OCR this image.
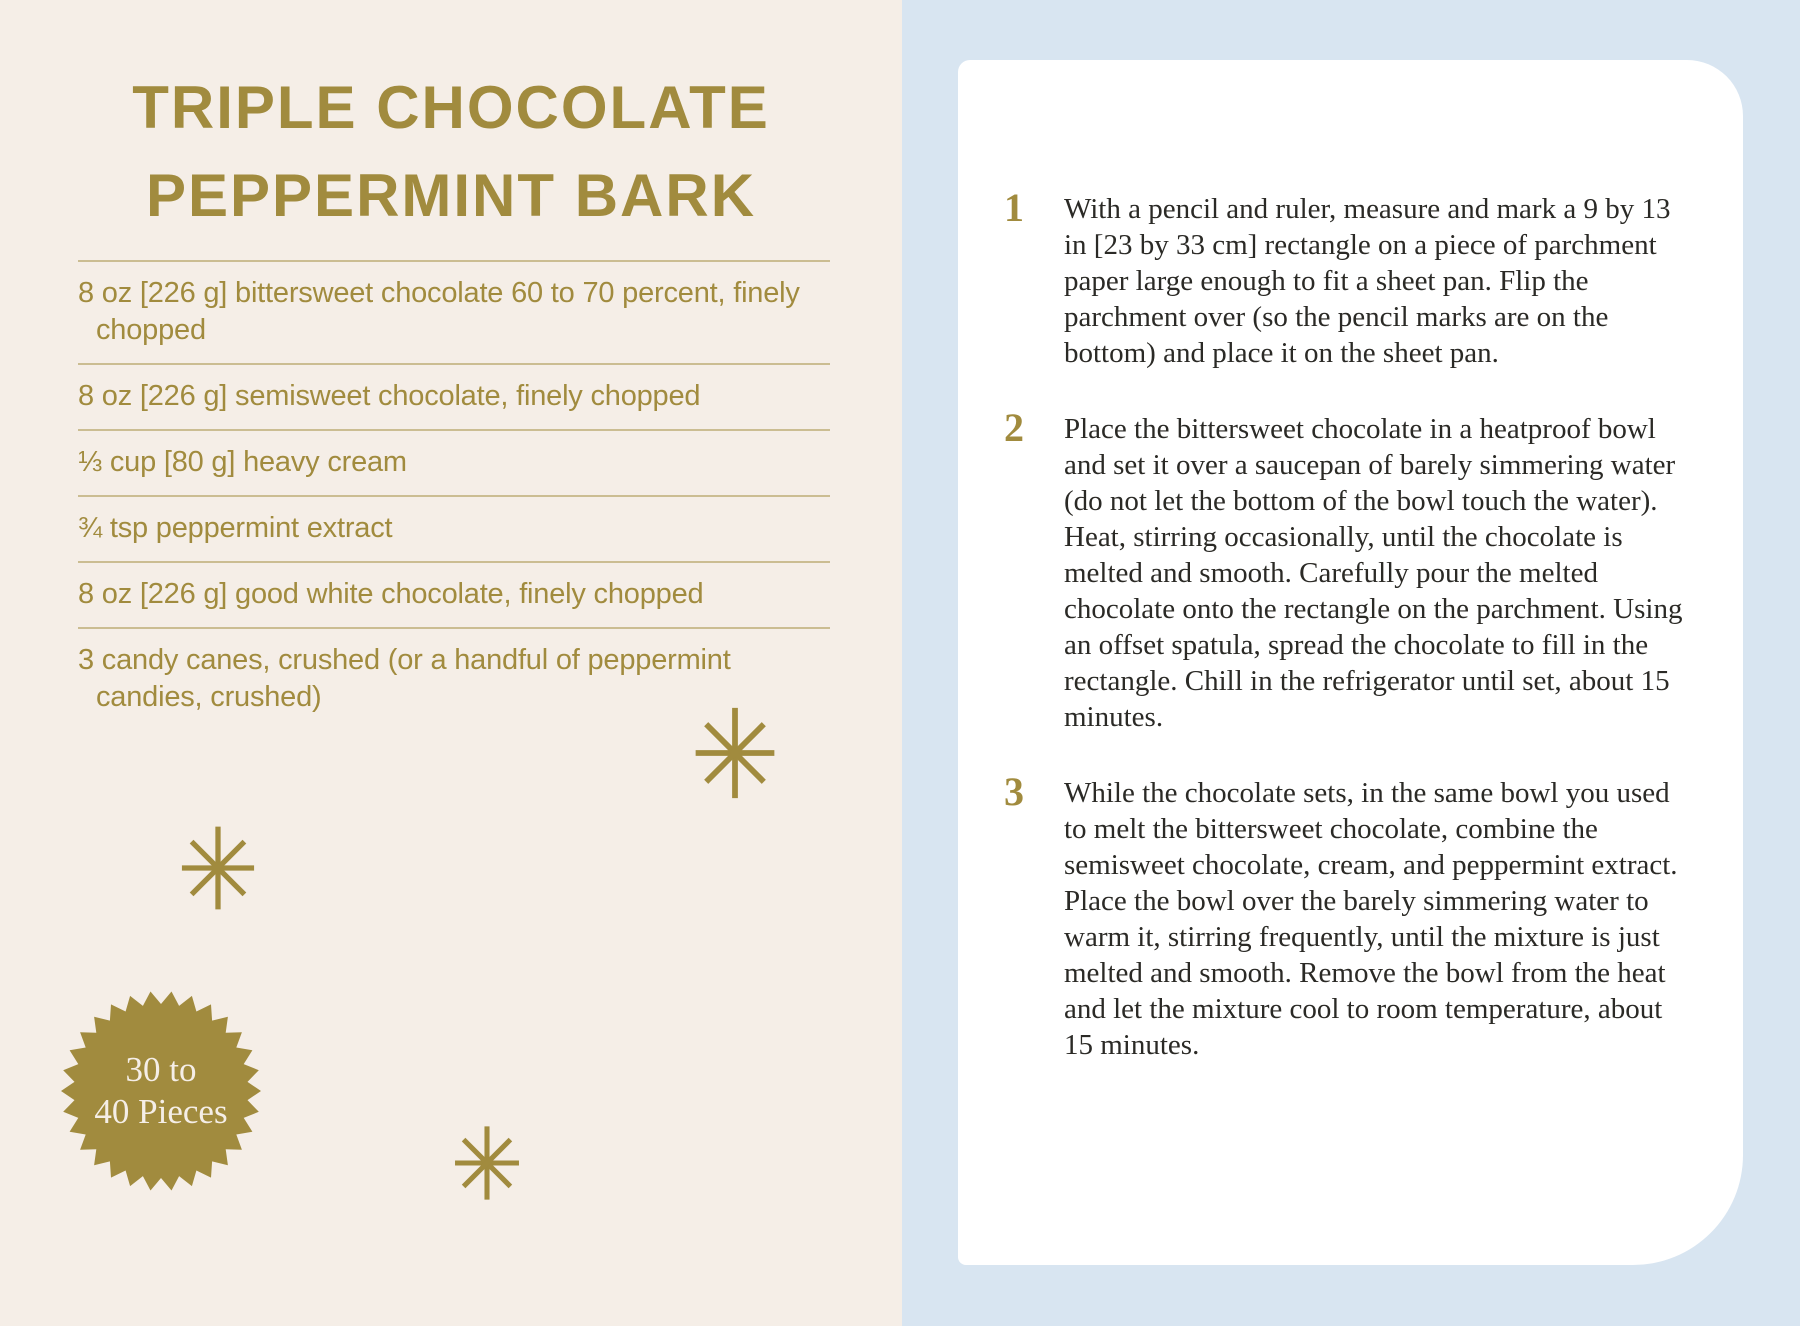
TRIPLE CHOCOLATE
PEPPERMINT BARK
8 oz [226 g] bittersweet chocolate 60 to 70 percent, finely chopped
8 oz [226 g] semisweet chocolate, finely chopped
⅓ cup [80 g] heavy cream
¾ tsp peppermint extract
8 oz [226 g] good white chocolate, finely chopped
3 candy canes, crushed (or a handful of peppermint candies, crushed)
30 to
40 Pieces
1	With a pencil and ruler, measure and mark a 9 by 13 in [23 by 33 cm] rectangle on a piece of parchment paper large enough to fit a sheet pan. Flip the parchment over (so the pencil marks are on the bottom) and place it on the sheet pan.
2	Place the bittersweet chocolate in a heatproof bowl and set it over a saucepan of barely simmering water (do not let the bottom of the bowl touch the water). Heat, stirring occasionally, until the chocolate is melted and smooth. Carefully pour the melted chocolate onto the rectangle on the parchment. Using an offset spatula, spread the chocolate to fill in the rectangle. Chill in the refrigerator until set, about 15 minutes.
3	While the chocolate sets, in the same bowl you used to melt the bittersweet chocolate, combine the semisweet chocolate, cream, and peppermint extract. Place the bowl over the barely simmering water to warm it, stirring frequently, until the mixture is just melted and smooth. Remove the bowl from the heat and let the mixture cool to room temperature, about 15 minutes.
